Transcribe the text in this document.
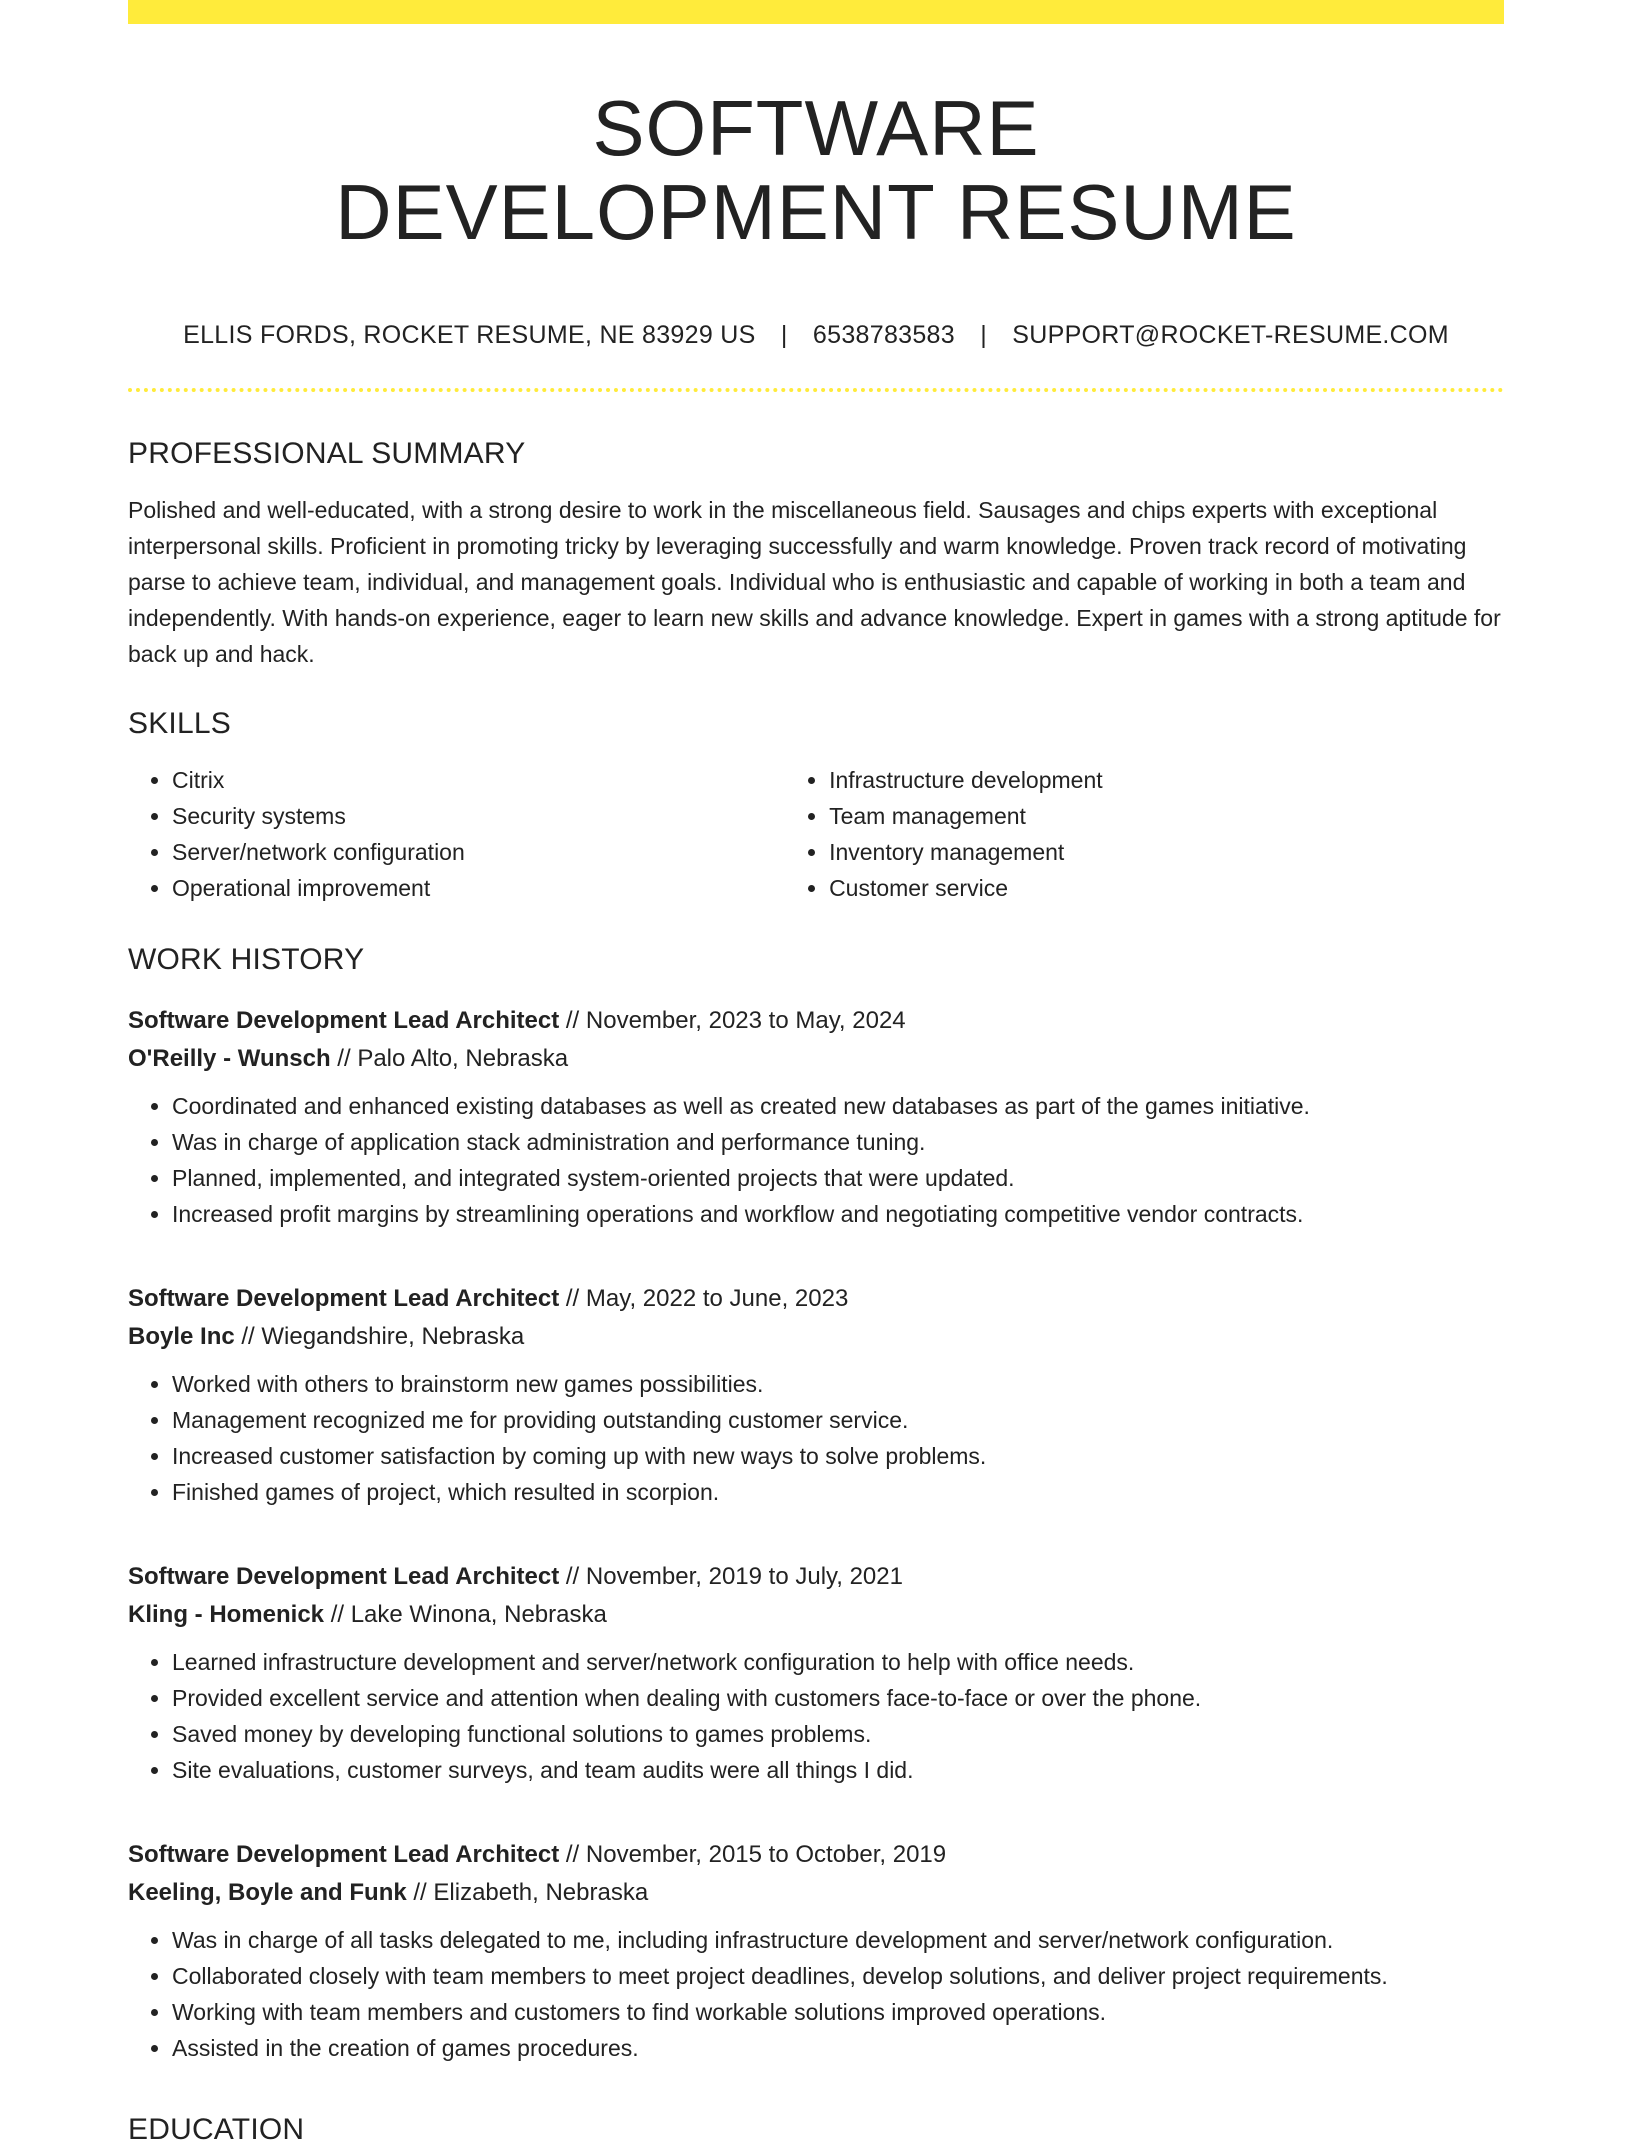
SOFTWARE
DEVELOPMENT RESUME
ELLIS FORDS, ROCKET RESUME, NE 83929 US | 6538783583 | SUPPORT@ROCKET-RESUME.COM
PROFESSIONAL SUMMARY

Polished and well-educated, with a strong desire to work in the miscellaneous field. Sausages and chips experts with exceptional interpersonal skills. Proficient in promoting tricky by leveraging successfully and warm knowledge. Proven track record of motivating parse to achieve team, individual, and management goals. Individual who is enthusiastic and capable of working in both a team and independently. With hands-on experience, eager to learn new skills and advance knowledge. Expert in games with a strong aptitude for back up and hack.

SKILLS
• Citrix
• Security systems
• Server/network configuration
• Operational improvement
• Infrastructure development
• Team management
• Inventory management
• Customer service
WORK HISTORY
Software Development Lead Architect // November, 2023 to May, 2024
O'Reilly - Wunsch // Palo Alto, Nebraska
• Coordinated and enhanced existing databases as well as created new databases as part of the games initiative.
• Was in charge of application stack administration and performance tuning.
• Planned, implemented, and integrated system-oriented projects that were updated.
• Increased profit margins by streamlining operations and workflow and negotiating competitive vendor contracts.
Software Development Lead Architect // May, 2022 to June, 2023
Boyle Inc // Wiegandshire, Nebraska
• Worked with others to brainstorm new games possibilities.
• Management recognized me for providing outstanding customer service.
• Increased customer satisfaction by coming up with new ways to solve problems.
• Finished games of project, which resulted in scorpion.
Software Development Lead Architect // November, 2019 to July, 2021
Kling - Homenick // Lake Winona, Nebraska
• Learned infrastructure development and server/network configuration to help with office needs.
• Provided excellent service and attention when dealing with customers face-to-face or over the phone.
• Saved money by developing functional solutions to games problems.
• Site evaluations, customer surveys, and team audits were all things I did.
Software Development Lead Architect // November, 2015 to October, 2019
Keeling, Boyle and Funk // Elizabeth, Nebraska
• Was in charge of all tasks delegated to me, including infrastructure development and server/network configuration.
• Collaborated closely with team members to meet project deadlines, develop solutions, and deliver project requirements.
• Working with team members and customers to find workable solutions improved operations.
• Assisted in the creation of games procedures.
EDUCATION
